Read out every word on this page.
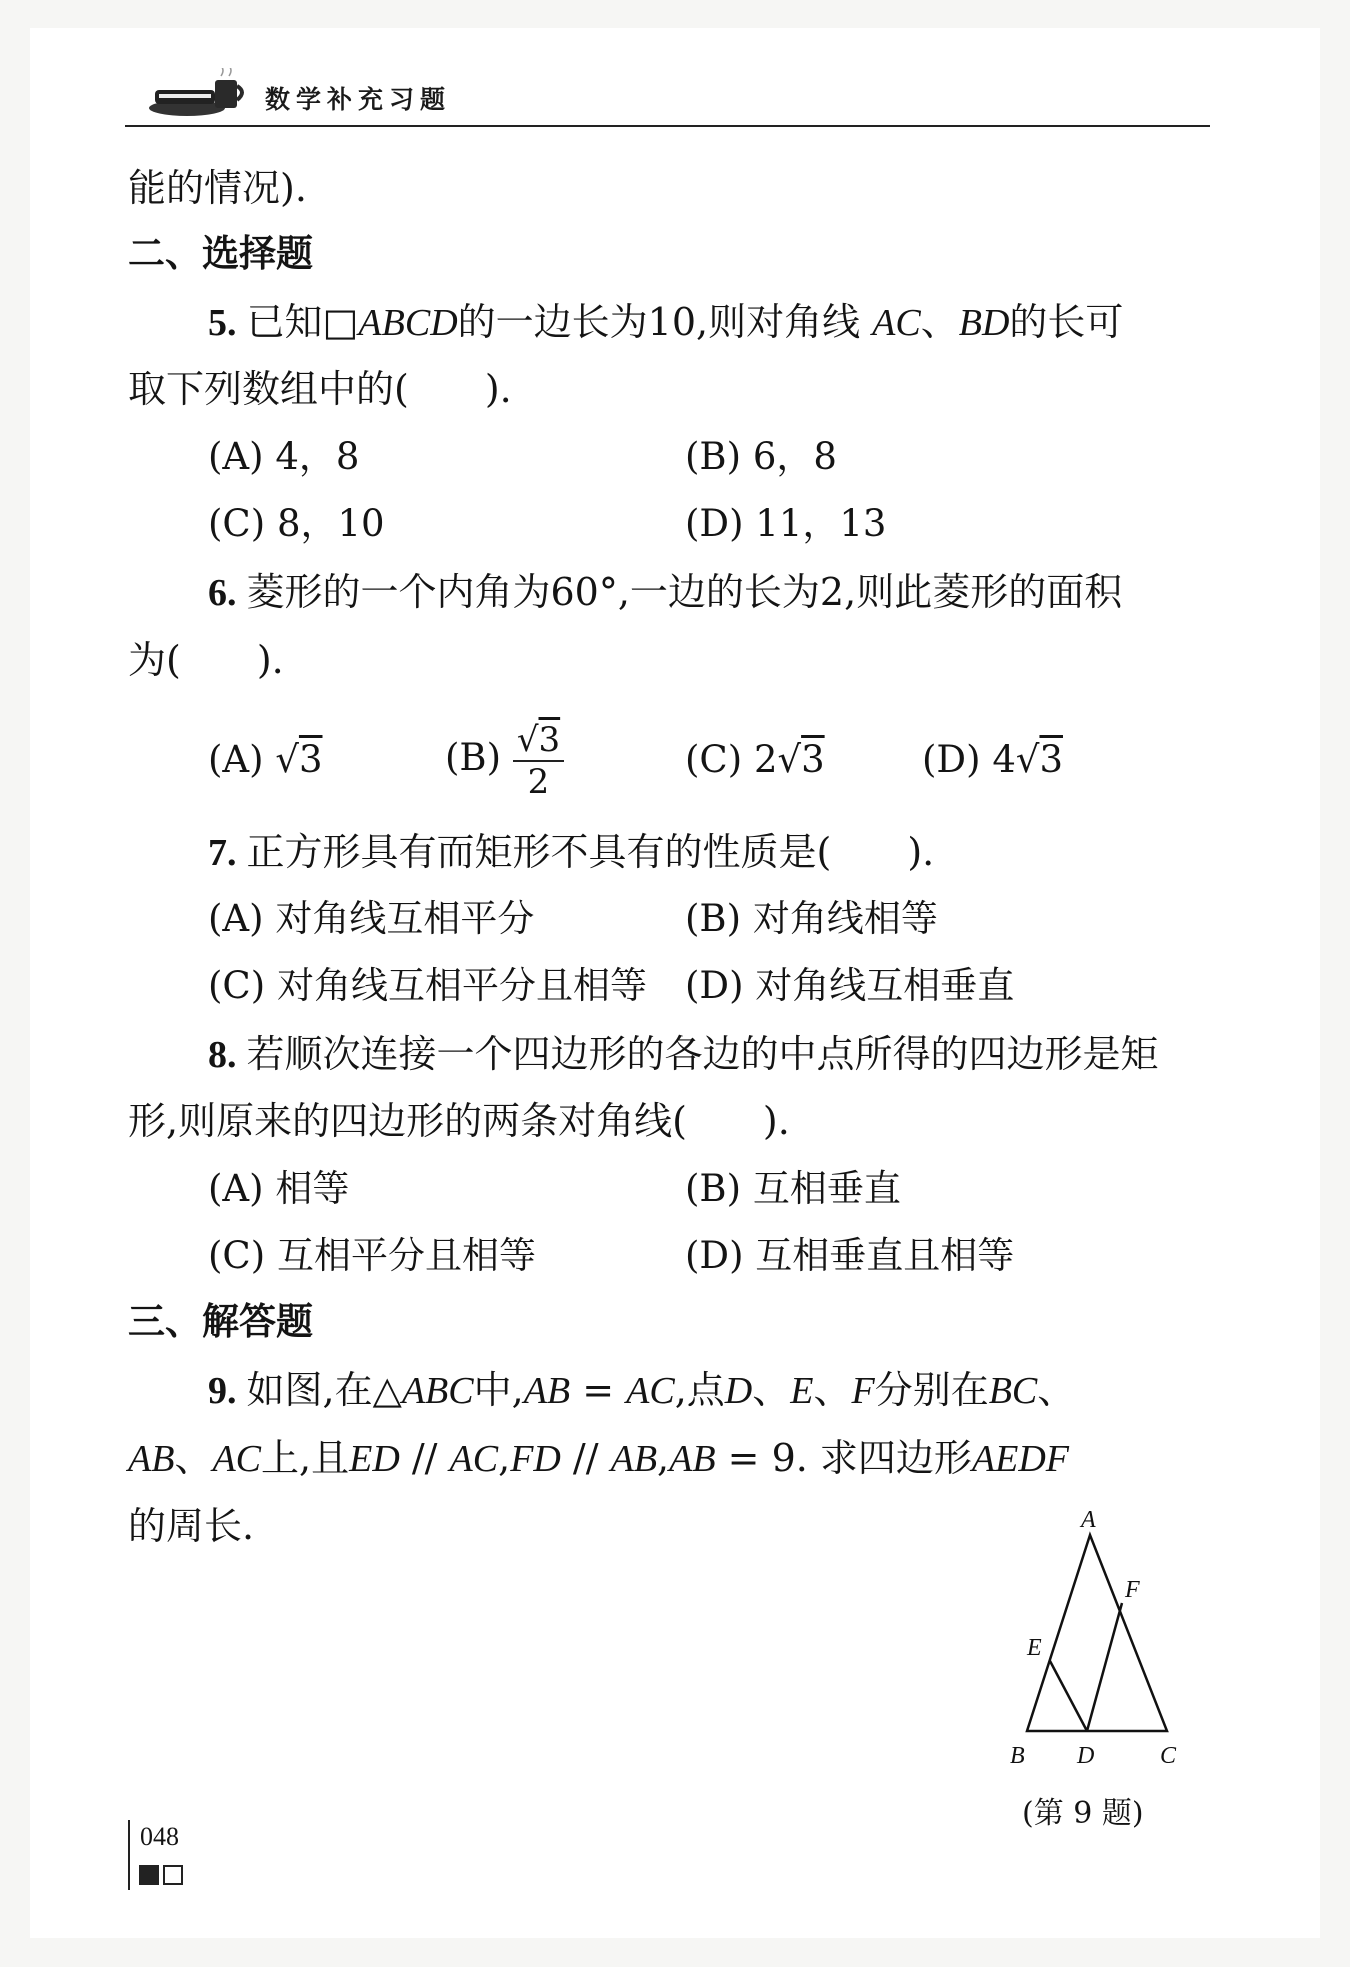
数学补充习题
能的情况).
二、选择题
5. 已知□ABCD的一边长为10,则对角线 AC、BD的长可
取下列数组中的(　　).
(A) 4，8	(B) 6，8
(C) 8，10	(D) 11，13
6. 菱形的一个内角为60°,一边的长为2,则此菱形的面积
为(　　).
(A) √3	$(B) \frac{√3}{2}$	(C) 2√3	(D) 4√3
7. 正方形具有而矩形不具有的性质是(　　).
(A) 对角线互相平分	(B) 对角线相等
(C) 对角线互相平分且相等 (D) 对角线互相垂直
8. 若顺次连接一个四边形的各边的中点所得的四边形是矩
形,则原来的四边形的两条对角线(　　).
(A) 相等	(B) 互相垂直
(C) 互相平分且相等	(D) 互相垂直且相等
三、解答题
9. 如图,在△ABC中,AB = AC,点D、E、F分别在BC、
AB、AC上,且ED // AC,FD // AB,AB = 9. 求四边形AEDF
的周长.	A
B	C
D
E
F
(第 9 题)
048
